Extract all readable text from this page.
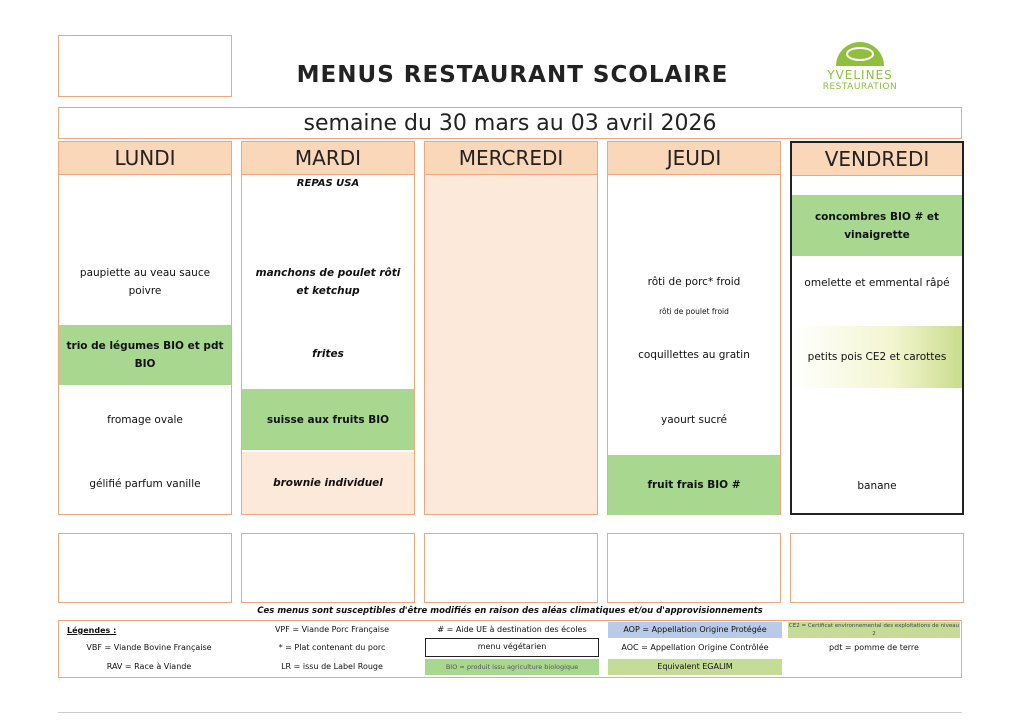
MENUS RESTAURANT SCOLAIRE	YVELINES
RESTAURATION
semaine du 30 mars au 03 avril 2026
LUNDI
paupiette au veau sauce poivre
trio de légumes BIO et pdt BIO
fromage ovale
gélifié parfum vanille
MARDI
REPAS USA
manchons de poulet rôti et ketchup
frites
suisse aux fruits BIO
brownie individuel
MERCREDI	JEUDI
rôti de porc* froid
rôti de poulet froid
coquillettes au gratin
yaourt sucré
fruit frais BIO #
VENDREDI
concombres BIO # et vinaigrette
omelette et emmental râpé
petits pois CE2 et carottes
banane
Ces menus sont susceptibles d'être modifiés en raison des aléas climatiques et/ou d'approvisionnements
Légendes :
VBF = Viande Bovine Française
RAV = Race à Viande
VPF = Viande Porc Française
* = Plat contenant du porc
LR = issu de Label Rouge
# = Aide UE à destination des écoles
menu végétarien
BIO = produit issu agriculture biologique
AOP = Appellation Origine Protégée
AOC = Appellation Origine Contrôlée
Equivalent EGALIM
CE2 = Certificat environnemental des exploitations de niveau 2
pdt = pomme de terre
